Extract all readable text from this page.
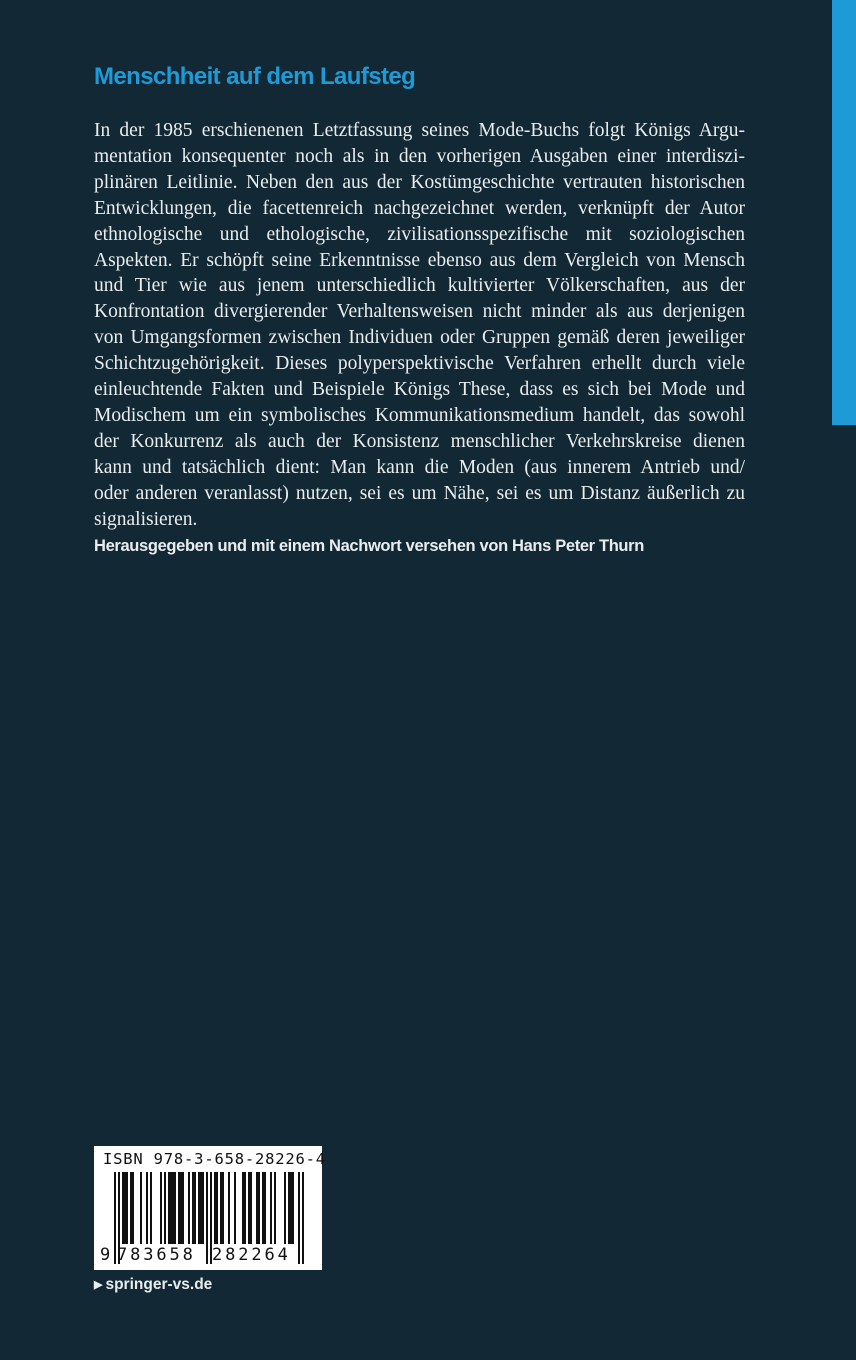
Menschheit auf dem Laufsteg

In der 1985 erschienenen Letztfassung seines Mode-Buchs folgt Königs Argu-
mentation konsequenter noch als in den vorherigen Ausgaben einer interdiszi-
plinären Leitlinie. Neben den aus der Kostümgeschichte vertrauten historischen
Entwicklungen, die facettenreich nachgezeichnet werden, verknüpft der Autor
ethnologische und ethologische, zivilisationsspezifische mit soziologischen
Aspekten. Er schöpft seine Erkenntnisse ebenso aus dem Vergleich von Mensch
und Tier wie aus jenem unterschiedlich kultivierter Völkerschaften, aus der
Konfrontation divergierender Verhaltensweisen nicht minder als aus derjenigen
von Umgangsformen zwischen Individuen oder Gruppen gemäß deren jeweiliger
Schichtzugehörigkeit. Dieses polyperspektivische Verfahren erhellt durch viele
einleuchtende Fakten und Beispiele Königs These, dass es sich bei Mode und
Modischem um ein symbolisches Kommunikationsmedium handelt, das sowohl
der Konkurrenz als auch der Konsistenz menschlicher Verkehrskreise dienen
kann und tatsächlich dient: Man kann die Moden (aus innerem Antrieb und/
oder anderen veranlasst) nutzen, sei es um Nähe, sei es um Distanz äußerlich zu
signalisieren.

Herausgegeben und mit einem Nachwort versehen von Hans Peter Thurn

ISBN 978-3-658-28226-4
9 783658 282264
▶ springer-vs.de
